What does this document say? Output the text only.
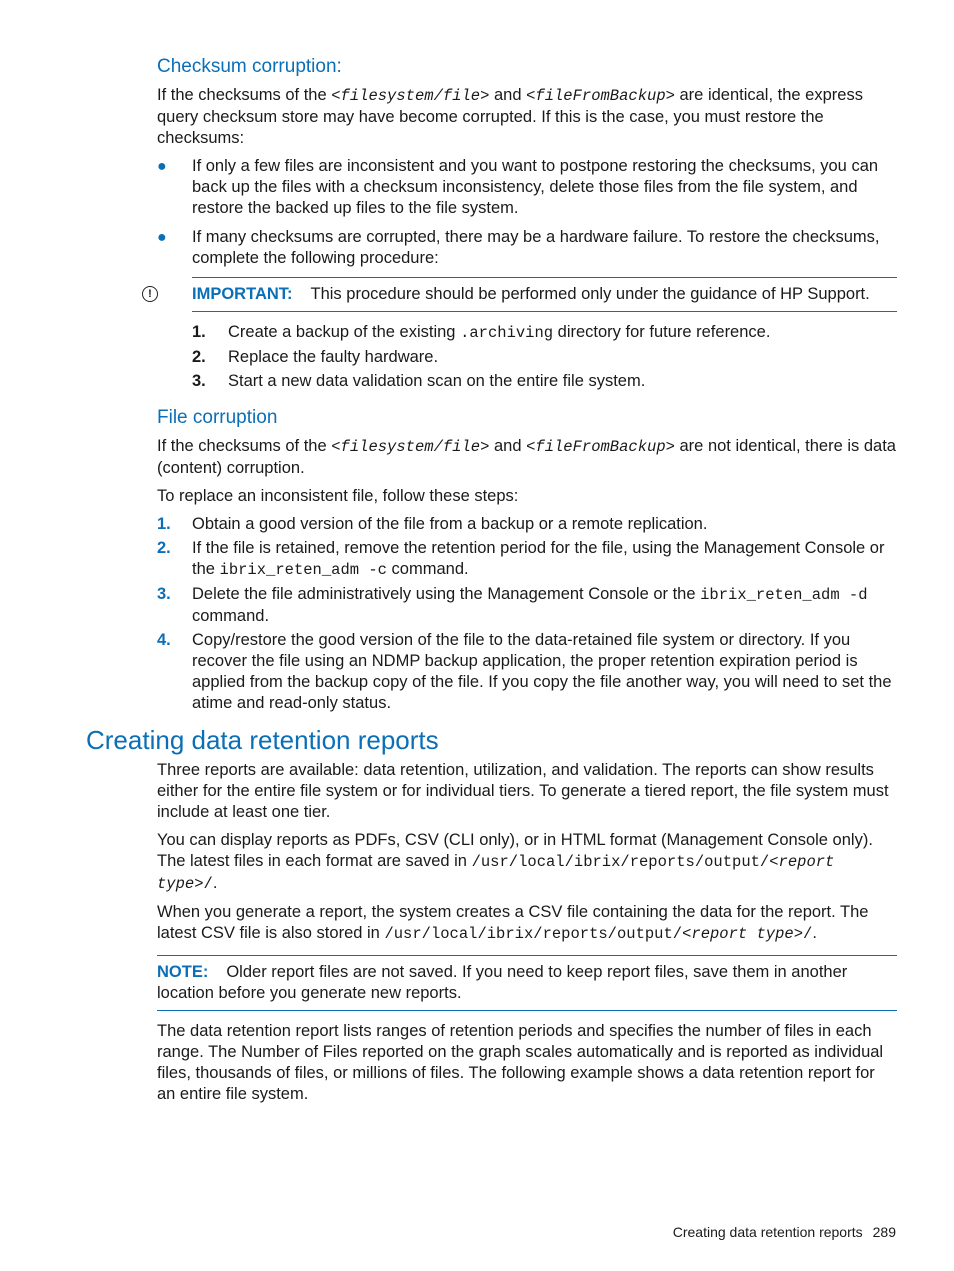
Checksum corruption:

If the checksums of the <filesystem/file> and <fileFromBackup> are identical, the express query checksum store may have become corrupted. If this is the case, you must restore the checksums:

● If only a few files are inconsistent and you want to postpone restoring the checksums, you can back up the files with a checksum inconsistency, delete those files from the file system, and restore the backed up files to the file system.
● If many checksums are corrupted, there may be a hardware failure. To restore the checksums, complete the following procedure:
!	IMPORTANT: This procedure should be performed only under the guidance of HP Support.
1. Create a backup of the existing .archiving directory for future reference.
2. Replace the faulty hardware.
3. Start a new data validation scan on the entire file system.
File corruption

If the checksums of the <filesystem/file> and <fileFromBackup> are not identical, there is data (content) corruption.

To replace an inconsistent file, follow these steps:

1. Obtain a good version of the file from a backup or a remote replication.
2. If the file is retained, remove the retention period for the file, using the Management Console or the ibrix_reten_adm -c command.
3. Delete the file administratively using the Management Console or the ibrix_reten_adm -d command.
4. Copy/restore the good version of the file to the data-retained file system or directory. If you recover the file using an NDMP backup application, the proper retention expiration period is applied from the backup copy of the file. If you copy the file another way, you will need to set the atime and read-only status.
Creating data retention reports

Three reports are available: data retention, utilization, and validation. The reports can show results either for the entire file system or for individual tiers. To generate a tiered report, the file system must include at least one tier.

You can display reports as PDFs, CSV (CLI only), or in HTML format (Management Console only). The latest files in each format are saved in /usr/local/ibrix/reports/output/<report type>/.

When you generate a report, the system creates a CSV file containing the data for the report. The latest CSV file is also stored in /usr/local/ibrix/reports/output/<report type>/.

NOTE: Older report files are not saved. If you need to keep report files, save them in another location before you generate new reports.

The data retention report lists ranges of retention periods and specifies the number of files in each range. The Number of Files reported on the graph scales automatically and is reported as individual files, thousands of files, or millions of files. The following example shows a data retention report for an entire file system.

Creating data retention reports 289
